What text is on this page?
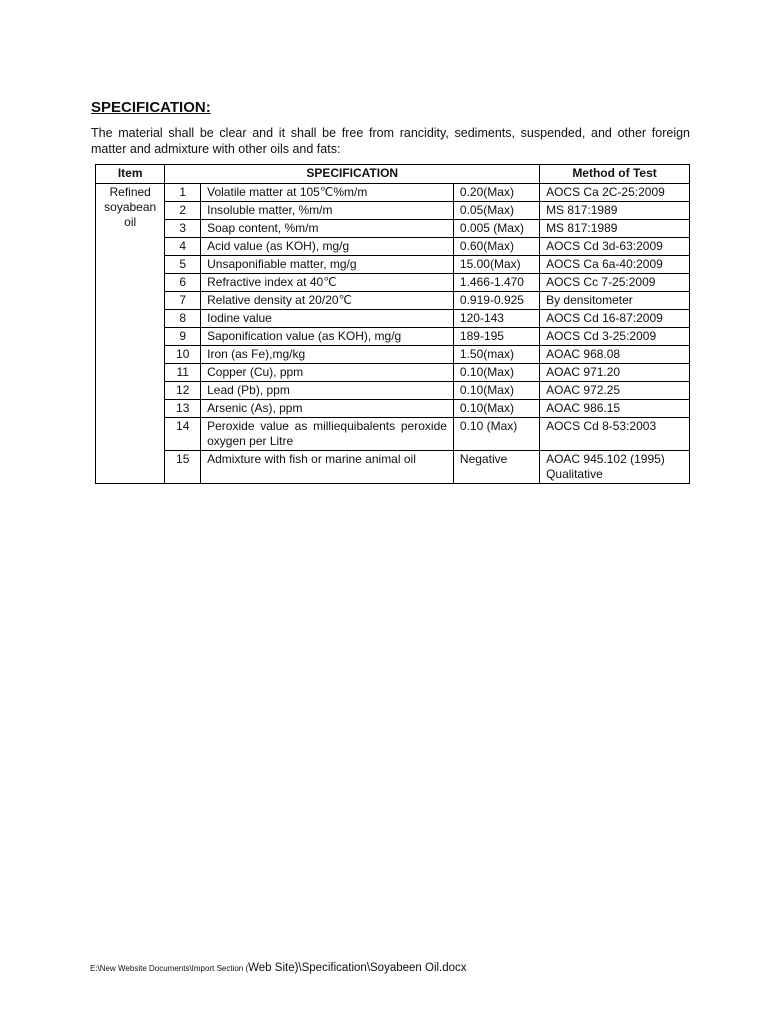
SPECIFICATION:
The material shall be clear and it shall be free from rancidity, sediments, suspended, and other foreign matter and admixture with other oils and fats:
Item	SPECIFICATION			Method of Test
Refined soyabean oil	1	Volatile matter at 105℃%m/m	0.20(Max)	AOCS Ca 2C-25:2009
	2	Insoluble matter, %m/m	0.05(Max)	MS 817:1989
	3	Soap content, %m/m	0.005 (Max)	MS 817:1989
	4	Acid value (as KOH), mg/g	0.60(Max)	AOCS Cd 3d-63:2009
	5	Unsaponifiable matter, mg/g	15.00(Max)	AOCS Ca 6a-40:2009
	6	Refractive index at 40℃	1.466-1.470	AOCS Cc 7-25:2009
	7	Relative density at 20/20℃	0.919-0.925	By densitometer
	8	Iodine value	120-143	AOCS Cd 16-87:2009
	9	Saponification value (as KOH), mg/g	189-195	AOCS Cd 3-25:2009
	10	Iron (as Fe),mg/kg	1.50(max)	AOAC 968.08
	11	Copper (Cu), ppm	0.10(Max)	AOAC 971.20
	12	Lead (Pb), ppm	0.10(Max)	AOAC 972.25
	13	Arsenic (As), ppm	0.10(Max)	AOAC 986.15
	14	Peroxide value as milliequibalents peroxide oxygen per Litre	0.10 (Max)	AOCS Cd 8-53:2003
	15	Admixture with fish or marine animal oil	Negative	AOAC 945.102 (1995) Qualitative
E:\New Website Documents\Import Section (Web Site)\Specification\Soyabeen Oil.docx
